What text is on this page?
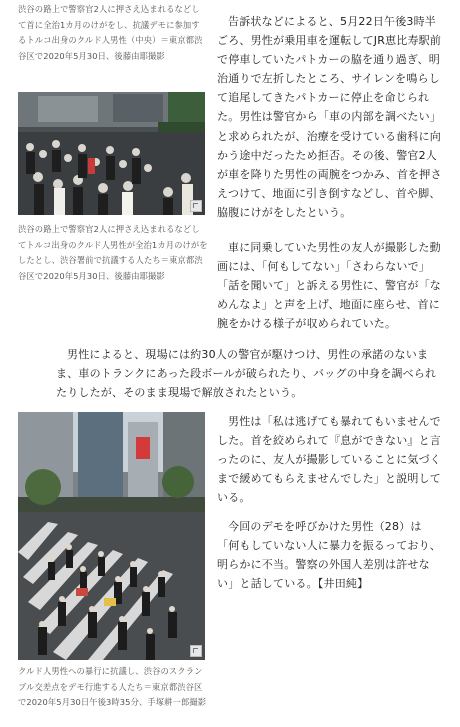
渋谷の路上で警察官2人に押さえ込まれるなどして首に全治1カ月のけがをし、抗議デモに参加するトルコ出身のクルド人男性（中央）＝東京都渋谷区で2020年5月30日、後藤由耶撮影

渋谷の路上で警察官2人に押さえ込まれるなどしてトルコ出身のクルド人男性が全治1カ月のけがをしたとし、渋谷署前で抗議する人たち＝東京都渋谷区で2020年5月30日、後藤由耶撮影

告訴状などによると、5月22日午後3時半ごろ、男性が乗用車を運転してJR恵比寿駅前で停車していたパトカーの脇を通り過ぎ、明治通りで左折したところ、サイレンを鳴らして追尾してきたパトカーに停止を命じられた。男性は警官から「車の内部を調べたい」と求められたが、治療を受けている歯科に向かう途中だったため拒否。その後、警官2人が車を降りた男性の両腕をつかみ、首を押さえつけて、地面に引き倒すなどし、首や脚、脇腹にけがをしたという。

車に同乗していた男性の友人が撮影した動画には、「何もしてない」「さわらないで」「話を聞いて」と訴える男性に、警官が「なめんなよ」と声を上げ、地面に座らせ、首に腕をかける様子が収められていた。

男性によると、現場には約30人の警官が駆けつけ、男性の承諾のないまま、車のトランクにあった段ボールが破られたり、バッグの中身を調べられたりしたが、そのまま現場で解放されたという。

男性は「私は逃げても暴れてもいませんでした。首を絞められて『息ができない』と言ったのに、友人が撮影していることに気づくまで緩めてもらえませんでした」と説明している。

今回のデモを呼びかけた男性（28）は「何もしていない人に暴力を振るっており、明らかに不当。警察の外国人差別は許せない」と話している。【井田純】

クルド人男性への暴行に抗議し、渋谷のスクランブル交差点をデモ行進する人たち＝東京都渋谷区で2020年5月30日午後3時35分、手塚耕一郎撮影
